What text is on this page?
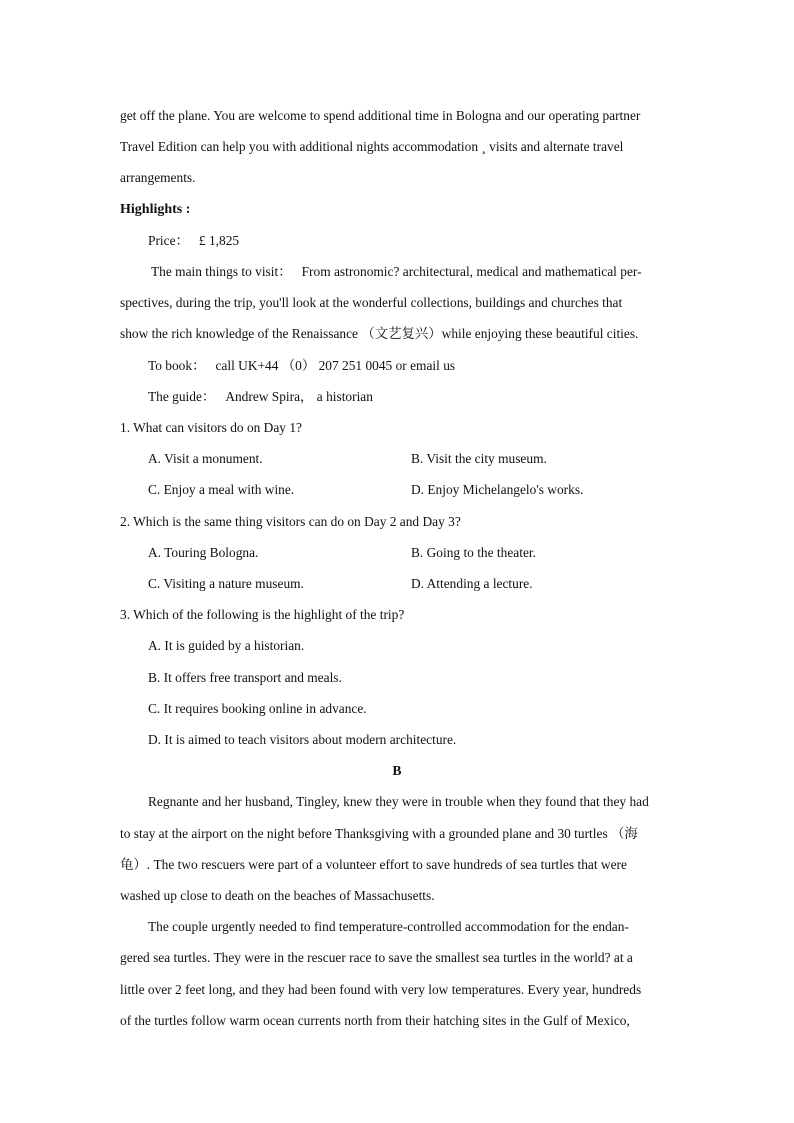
get off the plane. You are welcome to spend additional time in Bologna and our operating partner

Travel Edition can help you with additional nights accommodation ¸ visits and alternate travel

arrangements.

Highlights :

Price： £ 1,825

The main things to visit： From astronomic? architectural, medical and mathematical per-

spectives, during the trip, you'll look at the wonderful collections, buildings and churches that

show the rich knowledge of the Renaissance （文艺复兴）while enjoying these beautiful cities.

To book： call UK+44 （0） 207 251 0045 or email us

The guide： Andrew Spira， a historian

1. What can visitors do on Day 1?

A. Visit a monument.	B. Visit the city museum.
C. Enjoy a meal with wine.	D. Enjoy Michelangelo's works.

2. Which is the same thing visitors can do on Day 2 and Day 3?

A. Touring Bologna.	B. Going to the theater.
C. Visiting a nature museum.	D. Attending a lecture.

3. Which of the following is the highlight of the trip?

A. It is guided by a historian.
B. It offers free transport and meals.
C. It requires booking online in advance.
D. It is aimed to teach visitors about modern architecture.

B

Regnante and her husband, Tingley, knew they were in trouble when they found that they had

to stay at the airport on the night before Thanksgiving with a grounded plane and 30 turtles （海

龟）. The two rescuers were part of a volunteer effort to save hundreds of sea turtles that were

washed up close to death on the beaches of Massachusetts.

The couple urgently needed to find temperature-controlled accommodation for the endan-

gered sea turtles. They were in the rescuer race to save the smallest sea turtles in the world? at a

little over 2 feet long, and they had been found with very low temperatures. Every year, hundreds

of the turtles follow warm ocean currents north from their hatching sites in the Gulf of Mexico,
